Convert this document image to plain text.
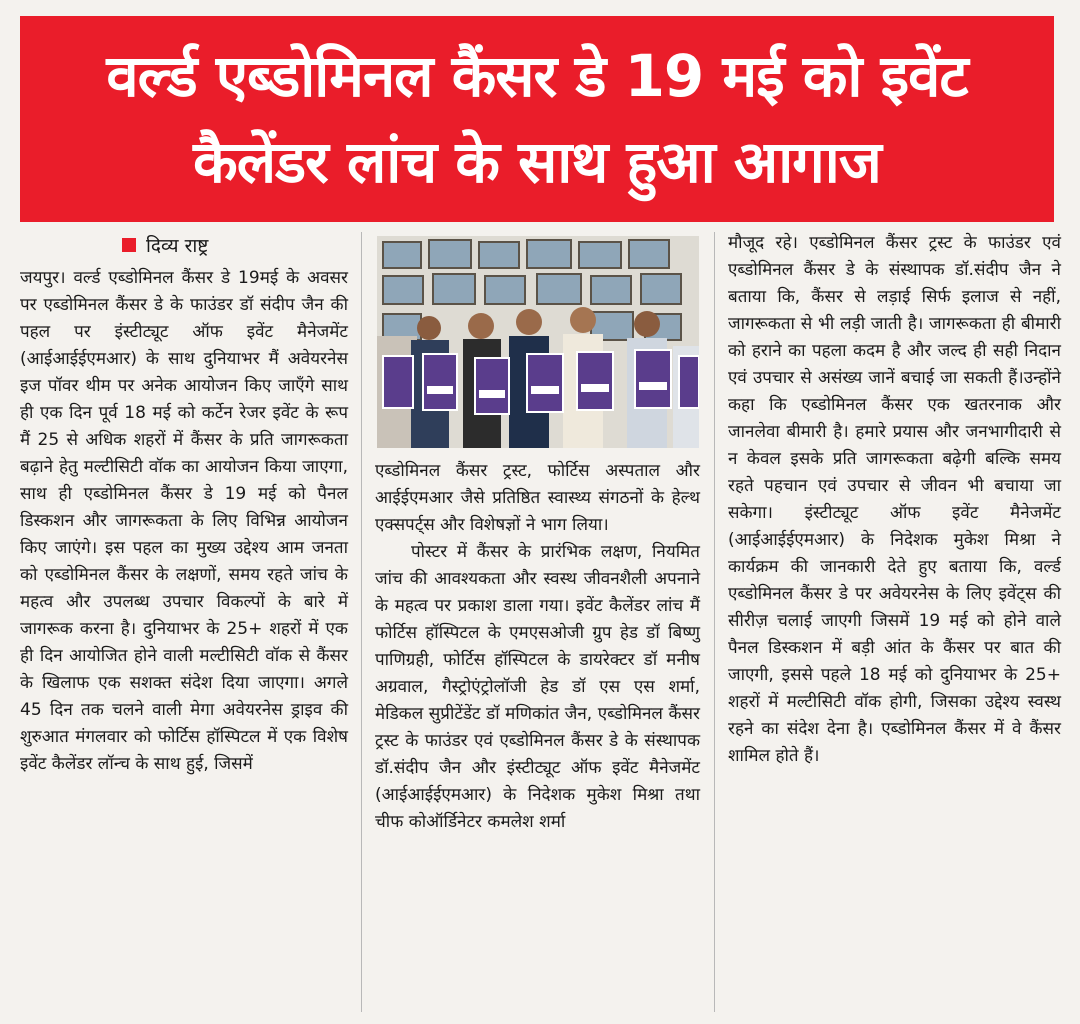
वर्ल्ड एब्डोमिनल कैंसर डे 19 मई को इवेंट
कैलेंडर लांच के साथ हुआ आगाज
दिव्य राष्ट्र

जयपुर। वर्ल्ड एब्डोमिनल कैंसर डे 19मई के अवसर पर एब्डोमिनल कैंसर डे के फाउंडर डॉ संदीप जैन की पहल पर इंस्टीट्यूट ऑफ इवेंट मैनेजमेंट (आईआईईएमआर) के साथ दुनियाभर मैं अवेयरनेस इज पॉवर थीम पर अनेक आयोजन किए जाएँगे साथ ही एक दिन पूर्व 18 मई को कर्टेन रेजर इवेंट के रूप मैं 25 से अधिक शहरों में कैंसर के प्रति जागरूकता बढ़ाने हेतु मल्टीसिटी वॉक का आयोजन किया जाएगा, साथ ही एब्डोमिनल कैंसर डे 19 मई को पैनल डिस्कशन और जागरूकता के लिए विभिन्न आयोजन किए जाएंगे। इस पहल का मुख्य उद्देश्य आम जनता को एब्डोमिनल कैंसर के लक्षणों, समय रहते जांच के महत्व और उपलब्ध उपचार विकल्पों के बारे में जागरूक करना है। दुनियाभर के 25+ शहरों में एक ही दिन आयोजित होने वाली मल्टीसिटी वॉक से कैंसर के खिलाफ एक सशक्त संदेश दिया जाएगा। अगले 45 दिन तक चलने वाली मेगा अवेयरनेस ड्राइव की शुरुआत मंगलवार को फोर्टिस हॉस्पिटल में एक विशेष इवेंट कैलेंडर लॉन्च के साथ हुई, जिसमें

एब्डोमिनल कैंसर ट्रस्ट, फोर्टिस अस्पताल और आईईएमआर जैसे प्रतिष्ठित स्वास्थ्य संगठनों के हेल्थ एक्सपर्ट्स और विशेषज्ञों ने भाग लिया।

पोस्टर में कैंसर के प्रारंभिक लक्षण, नियमित जांच की आवश्यकता और स्वस्थ जीवनशैली अपनाने के महत्व पर प्रकाश डाला गया। इवेंट कैलेंडर लांच मैं फोर्टिस हॉस्पिटल के एमएसओजी ग्रुप हेड डॉ बिष्णु पाणिग्रही, फोर्टिस हॉस्पिटल के डायरेक्टर डॉ मनीष अग्रवाल, गैस्ट्रोएंट्रोलॉजी हेड डॉ एस एस शर्मा, मेडिकल सुप्रीटेंडेंट डॉ मणिकांत जैन, एब्डोमिनल कैंसर ट्रस्ट के फाउंडर एवं एब्डोमिनल कैंसर डे के संस्थापक डॉ.संदीप जैन और इंस्टीट्यूट ऑफ इवेंट मैनेजमेंट (आईआईईएमआर) के निदेशक मुकेश मिश्रा तथा चीफ कोऑर्डिनेटर कमलेश शर्मा

मौजूद रहे। एब्डोमिनल कैंसर ट्रस्ट के फाउंडर एवं एब्डोमिनल कैंसर डे के संस्थापक डॉ.संदीप जैन ने बताया कि, कैंसर से लड़ाई सिर्फ इलाज से नहीं, जागरूकता से भी लड़ी जाती है। जागरूकता ही बीमारी को हराने का पहला कदम है और जल्द ही सही निदान एवं उपचार से असंख्य जानें बचाई जा सकती हैं।उन्होंने कहा कि एब्डोमिनल कैंसर एक खतरनाक और जानलेवा बीमारी है। हमारे प्रयास और जनभागीदारी से न केवल इसके प्रति जागरूकता बढ़ेगी बल्कि समय रहते पहचान एवं उपचार से जीवन भी बचाया जा सकेगा। इंस्टीट्यूट ऑफ इवेंट मैनेजमेंट (आईआईईएमआर) के निदेशक मुकेश मिश्रा ने कार्यक्रम की जानकारी देते हुए बताया कि, वर्ल्ड एब्डोमिनल कैंसर डे पर अवेयरनेस के लिए इवेंट्स की सीरीज़ चलाई जाएगी जिसमें 19 मई को होने वाले पैनल डिस्कशन में बड़ी आंत के कैंसर पर बात की जाएगी, इससे पहले 18 मई को दुनियाभर के 25+ शहरों में मल्टीसिटी वॉक होगी, जिसका उद्देश्य स्वस्थ रहने का संदेश देना है। एब्डोमिनल कैंसर में वे कैंसर शामिल होते हैं।
